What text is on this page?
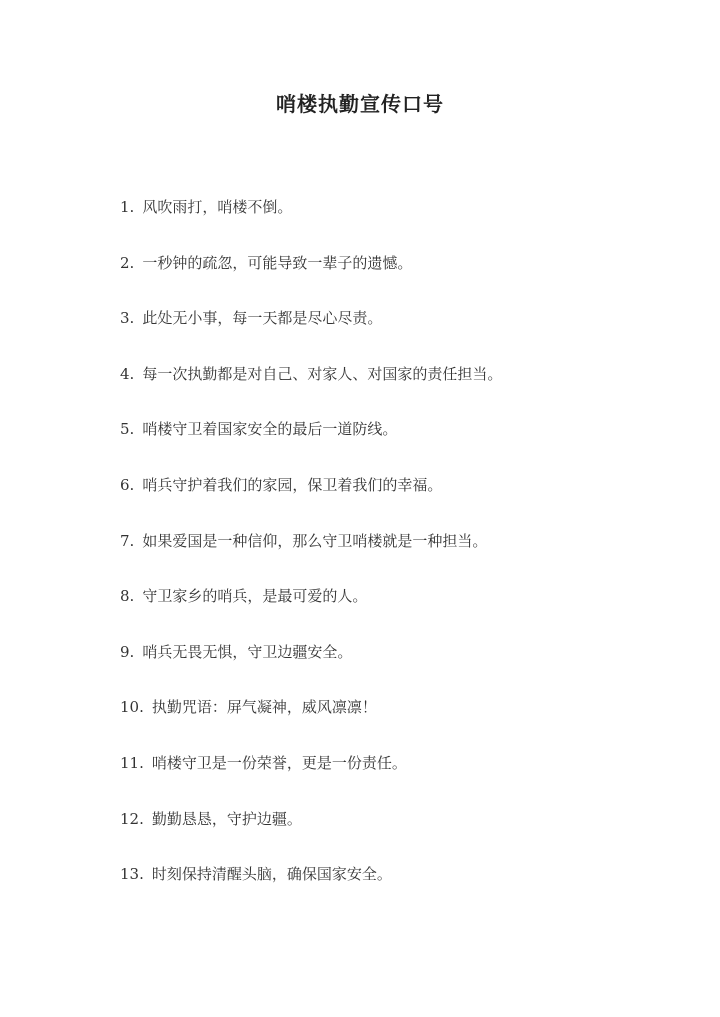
哨楼执勤宣传口号
1. 风吹雨打，哨楼不倒。
2. 一秒钟的疏忽，可能导致一辈子的遗憾。
3. 此处无小事，每一天都是尽心尽责。
4. 每一次执勤都是对自己、对家人、对国家的责任担当。
5. 哨楼守卫着国家安全的最后一道防线。
6. 哨兵守护着我们的家园，保卫着我们的幸福。
7. 如果爱国是一种信仰，那么守卫哨楼就是一种担当。
8. 守卫家乡的哨兵，是最可爱的人。
9. 哨兵无畏无惧，守卫边疆安全。
10. 执勤咒语：屏气凝神，威风凛凛！
11. 哨楼守卫是一份荣誉，更是一份责任。
12. 勤勤恳恳，守护边疆。
13. 时刻保持清醒头脑，确保国家安全。
